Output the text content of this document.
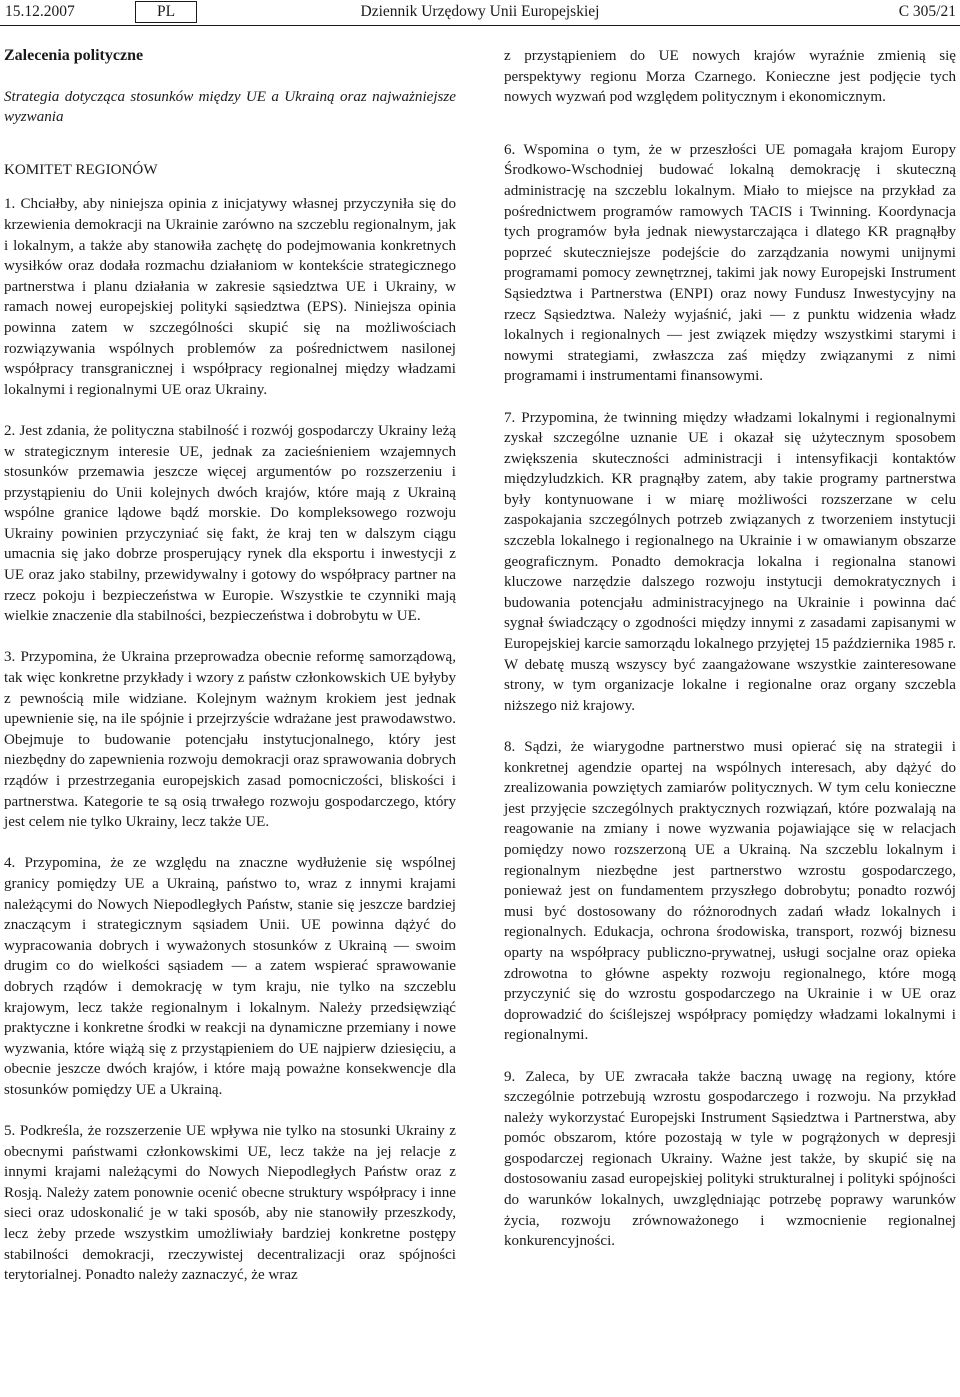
15.12.2007	PL	Dziennik Urzędowy Unii Europejskiej	C 305/21

Zalecenia polityczne

Strategia dotycząca stosunków między UE a Ukrainą oraz najważniejsze wyzwania

KOMITET REGIONÓW

1. Chciałby, aby niniejsza opinia z inicjatywy własnej przyczyniła się do krzewienia demokracji na Ukrainie zarówno na szczeblu regionalnym, jak i lokalnym, a także aby stanowiła zachętę do podejmowania konkretnych wysiłków oraz dodała rozmachu działaniom w kontekście strategicznego partnerstwa i planu działania w zakresie sąsiedztwa UE i Ukrainy, w ramach nowej europejskiej polityki sąsiedztwa (EPS). Niniejsza opinia powinna zatem w szczególności skupić się na możliwościach rozwiązywania wspólnych problemów za pośrednictwem nasilonej współpracy transgranicznej i współpracy regionalnej między władzami lokalnymi i regionalnymi UE oraz Ukrainy.

2. Jest zdania, że polityczna stabilność i rozwój gospodarczy Ukrainy leżą w strategicznym interesie UE, jednak za zacieśnieniem wzajemnych stosunków przemawia jeszcze więcej argumentów po rozszerzeniu i przystąpieniu do Unii kolejnych dwóch krajów, które mają z Ukrainą wspólne granice lądowe bądź morskie. Do kompleksowego rozwoju Ukrainy powinien przyczyniać się fakt, że kraj ten w dalszym ciągu umacnia się jako dobrze prosperujący rynek dla eksportu i inwestycji z UE oraz jako stabilny, przewidywalny i gotowy do współpracy partner na rzecz pokoju i bezpieczeństwa w Europie. Wszystkie te czynniki mają wielkie znaczenie dla stabilności, bezpieczeństwa i dobrobytu w UE.

3. Przypomina, że Ukraina przeprowadza obecnie reformę samorządową, tak więc konkretne przykłady i wzory z państw członkowskich UE byłyby z pewnością mile widziane. Kolejnym ważnym krokiem jest jednak upewnienie się, na ile spójnie i przejrzyście wdrażane jest prawodawstwo. Obejmuje to budowanie potencjału instytucjonalnego, który jest niezbędny do zapewnienia rozwoju demokracji oraz sprawowania dobrych rządów i przestrzegania europejskich zasad pomocniczości, bliskości i partnerstwa. Kategorie te są osią trwałego rozwoju gospodarczego, który jest celem nie tylko Ukrainy, lecz także UE.

4. Przypomina, że ze względu na znaczne wydłużenie się wspólnej granicy pomiędzy UE a Ukrainą, państwo to, wraz z innymi krajami należącymi do Nowych Niepodległych Państw, stanie się jeszcze bardziej znaczącym i strategicznym sąsiadem Unii. UE powinna dążyć do wypracowania dobrych i wyważonych stosunków z Ukrainą — swoim drugim co do wielkości sąsiadem — a zatem wspierać sprawowanie dobrych rządów i demokrację w tym kraju, nie tylko na szczeblu krajowym, lecz także regionalnym i lokalnym. Należy przedsięwziąć praktyczne i konkretne środki w reakcji na dynamiczne przemiany i nowe wyzwania, które wiążą się z przystąpieniem do UE najpierw dziesięciu, a obecnie jeszcze dwóch krajów, i które mają poważne konsekwencje dla stosunków pomiędzy UE a Ukrainą.

5. Podkreśla, że rozszerzenie UE wpływa nie tylko na stosunki Ukrainy z obecnymi państwami członkowskimi UE, lecz także na jej relacje z innymi krajami należącymi do Nowych Niepodległych Państw oraz z Rosją. Należy zatem ponownie ocenić obecne struktury współpracy i inne sieci oraz udoskonalić je w taki sposób, aby nie stanowiły przeszkody, lecz żeby przede wszystkim umożliwiały bardziej konkretne postępy stabilności demokracji, rzeczywistej decentralizacji oraz spójności terytorialnej. Ponadto należy zaznaczyć, że wraz

z przystąpieniem do UE nowych krajów wyraźnie zmienią się perspektywy regionu Morza Czarnego. Konieczne jest podjęcie tych nowych wyzwań pod względem politycznym i ekonomicznym.

6. Wspomina o tym, że w przeszłości UE pomagała krajom Europy Środkowo-Wschodniej budować lokalną demokrację i skuteczną administrację na szczeblu lokalnym. Miało to miejsce na przykład za pośrednictwem programów ramowych TACIS i Twinning. Koordynacja tych programów była jednak niewystarczająca i dlatego KR pragnąłby poprzeć skuteczniejsze podejście do zarządzania nowymi unijnymi programami pomocy zewnętrznej, takimi jak nowy Europejski Instrument Sąsiedztwa i Partnerstwa (ENPI) oraz nowy Fundusz Inwestycyjny na rzecz Sąsiedztwa. Należy wyjaśnić, jaki — z punktu widzenia władz lokalnych i regionalnych — jest związek między wszystkimi starymi i nowymi strategiami, zwłaszcza zaś między związanymi z nimi programami i instrumentami finansowymi.

7. Przypomina, że twinning między władzami lokalnymi i regionalnymi zyskał szczególne uznanie UE i okazał się użytecznym sposobem zwiększenia skuteczności administracji i intensyfikacji kontaktów międzyludzkich. KR pragnąłby zatem, aby takie programy partnerstwa były kontynuowane i w miarę możliwości rozszerzane w celu zaspokajania szczególnych potrzeb związanych z tworzeniem instytucji szczebla lokalnego i regionalnego na Ukrainie i w omawianym obszarze geograficznym. Ponadto demokracja lokalna i regionalna stanowi kluczowe narzędzie dalszego rozwoju instytucji demokratycznych i budowania potencjału administracyjnego na Ukrainie i powinna dać sygnał świadczący o zgodności między innymi z zasadami zapisanymi w Europejskiej karcie samorządu lokalnego przyjętej 15 października 1985 r. W debatę muszą wszyscy być zaangażowane wszystkie zainteresowane strony, w tym organizacje lokalne i regionalne oraz organy szczebla niższego niż krajowy.

8. Sądzi, że wiarygodne partnerstwo musi opierać się na strategii i konkretnej agendzie opartej na wspólnych interesach, aby dążyć do zrealizowania powziętych zamiarów politycznych. W tym celu konieczne jest przyjęcie szczególnych praktycznych rozwiązań, które pozwalają na reagowanie na zmiany i nowe wyzwania pojawiające się w relacjach pomiędzy nowo rozszerzoną UE a Ukrainą. Na szczeblu lokalnym i regionalnym niezbędne jest partnerstwo wzrostu gospodarczego, ponieważ jest on fundamentem przyszłego dobrobytu; ponadto rozwój musi być dostosowany do różnorodnych zadań władz lokalnych i regionalnych. Edukacja, ochrona środowiska, transport, rozwój biznesu oparty na współpracy publiczno-prywatnej, usługi socjalne oraz opieka zdrowotna to główne aspekty rozwoju regionalnego, które mogą przyczynić się do wzrostu gospodarczego na Ukrainie i w UE oraz doprowadzić do ściślejszej współpracy pomiędzy władzami lokalnymi i regionalnymi.

9. Zaleca, by UE zwracała także baczną uwagę na regiony, które szczególnie potrzebują wzrostu gospodarczego i rozwoju. Na przykład należy wykorzystać Europejski Instrument Sąsiedztwa i Partnerstwa, aby pomóc obszarom, które pozostają w tyle w pogrążonych w depresji gospodarczej regionach Ukrainy. Ważne jest także, by skupić się na dostosowaniu zasad europejskiej polityki strukturalnej i polityki spójności do warunków lokalnych, uwzględniając potrzebę poprawy warunków życia, rozwoju zrównoważonego i wzmocnienie regionalnej konkurencyjności.
